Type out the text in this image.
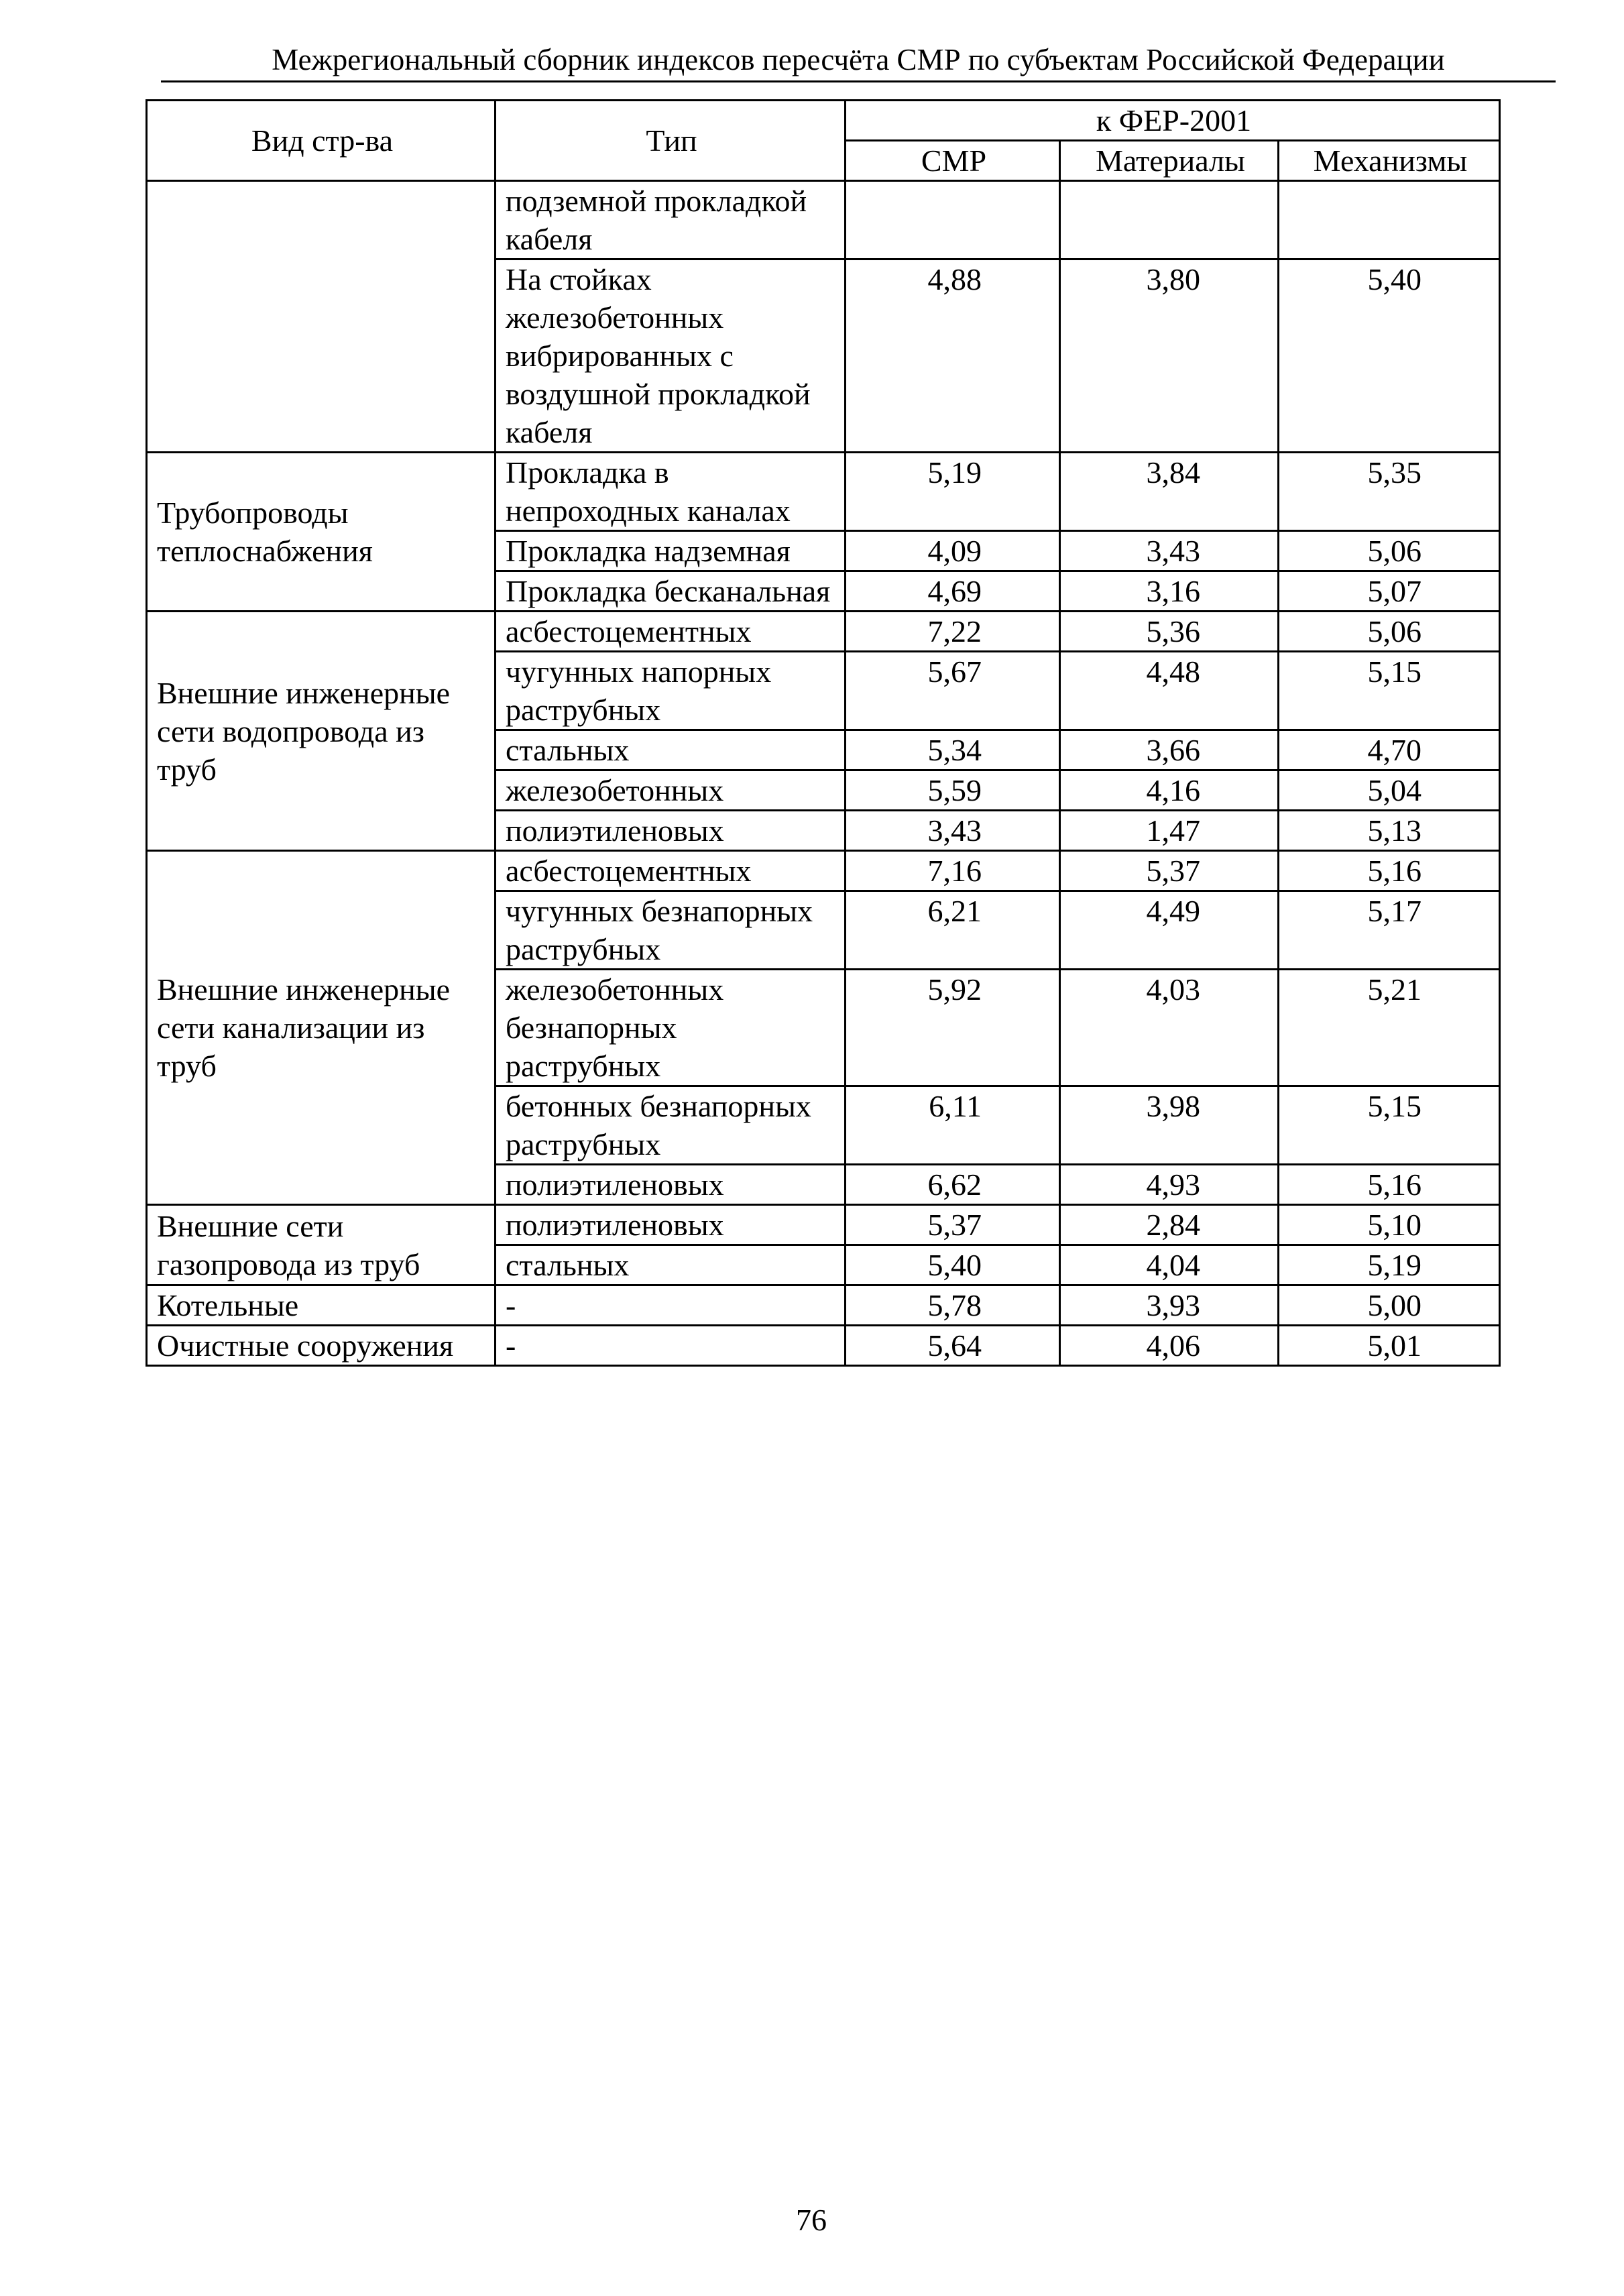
Межрегиональный сборник индексов пересчёта СМР по субъектам Российской Федерации
Вид стр-ва	Тип	к ФЕР-2001		
		СМР	Материалы	Механизмы
	подземной прокладкой кабеля			
	На стойках железобетонных вибрированных с воздушной прокладкой кабеля	4,88	3,80	5,40
Трубопроводы теплоснабжения	Прокладка в непроходных каналах	5,19	3,84	5,35
	Прокладка надземная	4,09	3,43	5,06
	Прокладка бесканальная	4,69	3,16	5,07
Внешние инженерные сети водопровода из труб	асбестоцементных	7,22	5,36	5,06
	чугунных напорных раструбных	5,67	4,48	5,15
	стальных	5,34	3,66	4,70
	железобетонных	5,59	4,16	5,04
	полиэтиленовых	3,43	1,47	5,13
Внешние инженерные сети канализации из труб	асбестоцементных	7,16	5,37	5,16
	чугунных безнапорных раструбных	6,21	4,49	5,17
	железобетонных безнапорных раструбных	5,92	4,03	5,21
	бетонных безнапорных раструбных	6,11	3,98	5,15
	полиэтиленовых	6,62	4,93	5,16
Внешние сети газопровода из труб	полиэтиленовых	5,37	2,84	5,10
	стальных	5,40	4,04	5,19
Котельные	-	5,78	3,93	5,00
Очистные сооружения	-	5,64	4,06	5,01
76
